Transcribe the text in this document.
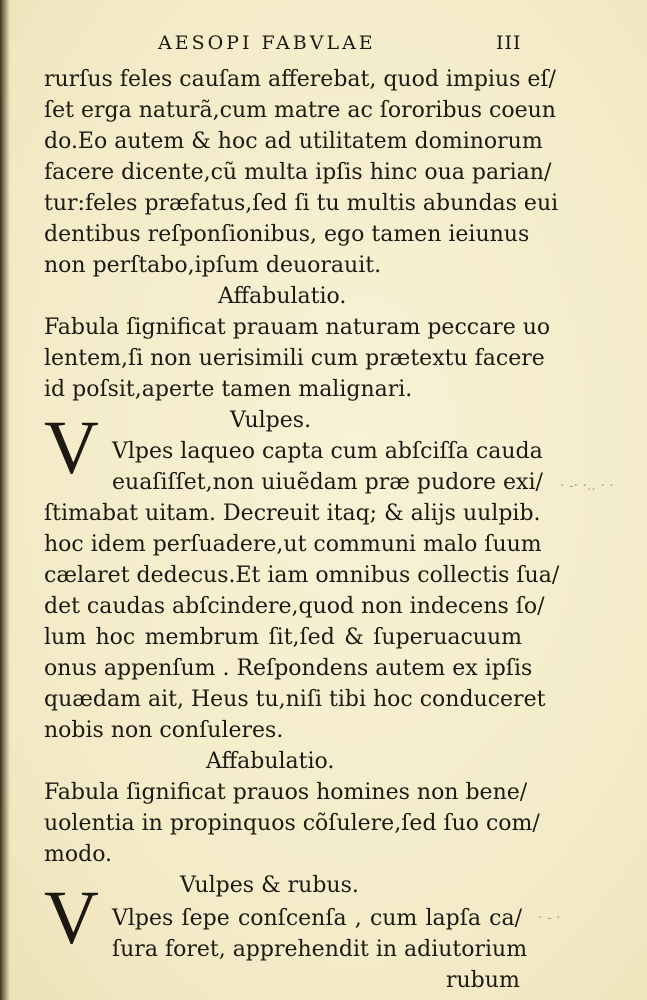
AESOPI FABVLAE	III
rurſus feles cauſam afferebat, quod impius eſ/
ſet erga naturã,cum matre ac ſororibus coeun
do.Eo autem & hoc ad utilitatem dominorum
facere dicente,cũ multa ipſis hinc oua parian/
tur:feles præfatus,ſed ſi tu multis abundas eui
dentibus reſponſionibus, ego tamen ieiunus
non perſtabo,ipſum deuorauit.
Affabulatio.
Fabula ſignificat prauam naturam peccare uo
lentem,ſi non uerisimili cum prætextu facere
id poſsit,aperte tamen malignari.
Vulpes.
V Vlpes laqueo capta cum abſciſſa cauda
euaſiſſet,non uiuẽdam præ pudore exi/
ſtimabat uitam. Decreuit itaq; & alijs uulpib.
hoc idem perſuadere,ut communi malo ſuum
cælaret dedecus.Et iam omnibus collectis ſua/
det caudas abſcindere,quod non indecens ſo/
lum hoc membrum ſit,ſed & ſuperuacuum
onus appenſum . Reſpondens autem ex ipſis
quædam ait, Heus tu,niſi tibi hoc conduceret
nobis non conſuleres.
Affabulatio.
Fabula ſignificat prauos homines non bene/
uolentia in propinquos cõſulere,ſed ſuo com/
modo.
Vulpes & rubus.
V Vlpes ſepe conſcenſa , cum lapſa ca/
ſura foret, apprehendit in adiutorium
rubum
· -· ·.. · ·
· - ·
